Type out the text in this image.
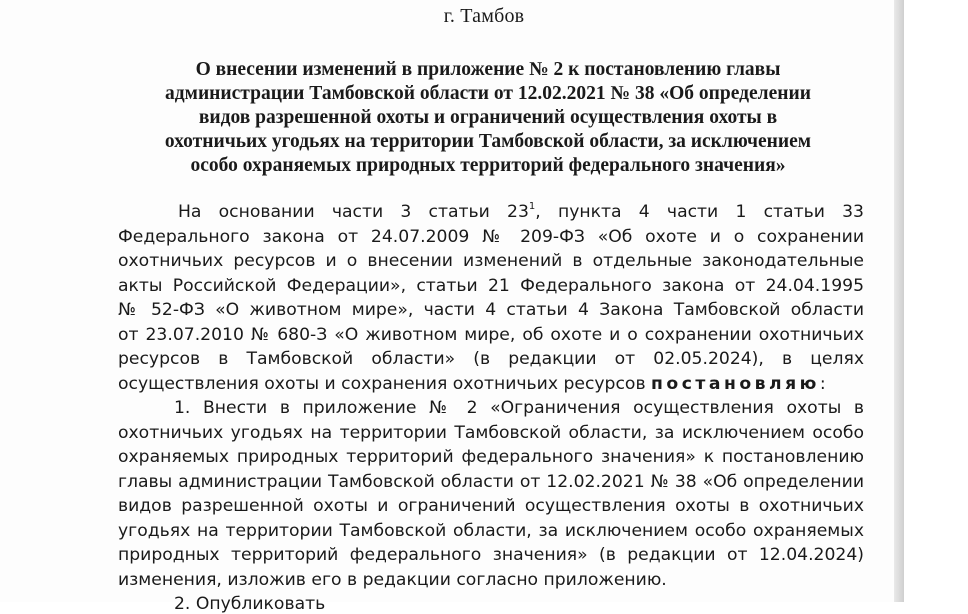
г. Тамбов
О внесении изменений в приложение № 2 к постановлению главы
администрации Тамбовской области от 12.02.2021 № 38 «Об определении
видов разрешенной охоты и ограничений осуществления охоты в
охотничьих угодьях на территории Тамбовской области, за исключением
особо охраняемых природных территорий федерального значения»
На основании части 3 статьи $23^1$, пункта 4 части 1 статьи 33
Федерального закона от 24.07.2009 № 209-ФЗ «Об охоте и о сохранении
охотничьих ресурсов и о внесении изменений в отдельные законодательные
акты Российской Федерации», статьи 21 Федерального закона от 24.04.1995
№ 52-ФЗ «О животном мире», части 4 статьи 4 Закона Тамбовской области
от 23.07.2010 № 680-З «О животном мире, об охоте и о сохранении охотничьих
ресурсов в Тамбовской области» (в редакции от 02.05.2024), в целях
осуществления охоты и сохранения охотничьих ресурсов постановляю:
1. Внести в приложение № 2 «Ограничения осуществления охоты в
охотничьих угодьях на территории Тамбовской области, за исключением особо
охраняемых природных территорий федерального значения» к постановлению
главы администрации Тамбовской области от 12.02.2021 № 38 «Об определении
видов разрешенной охоты и ограничений осуществления охоты в охотничьих
угодьях на территории Тамбовской области, за исключением особо охраняемых
природных территорий федерального значения» (в редакции от 12.04.2024)
изменения, изложив его в редакции согласно приложению.
2. Опубликовать
